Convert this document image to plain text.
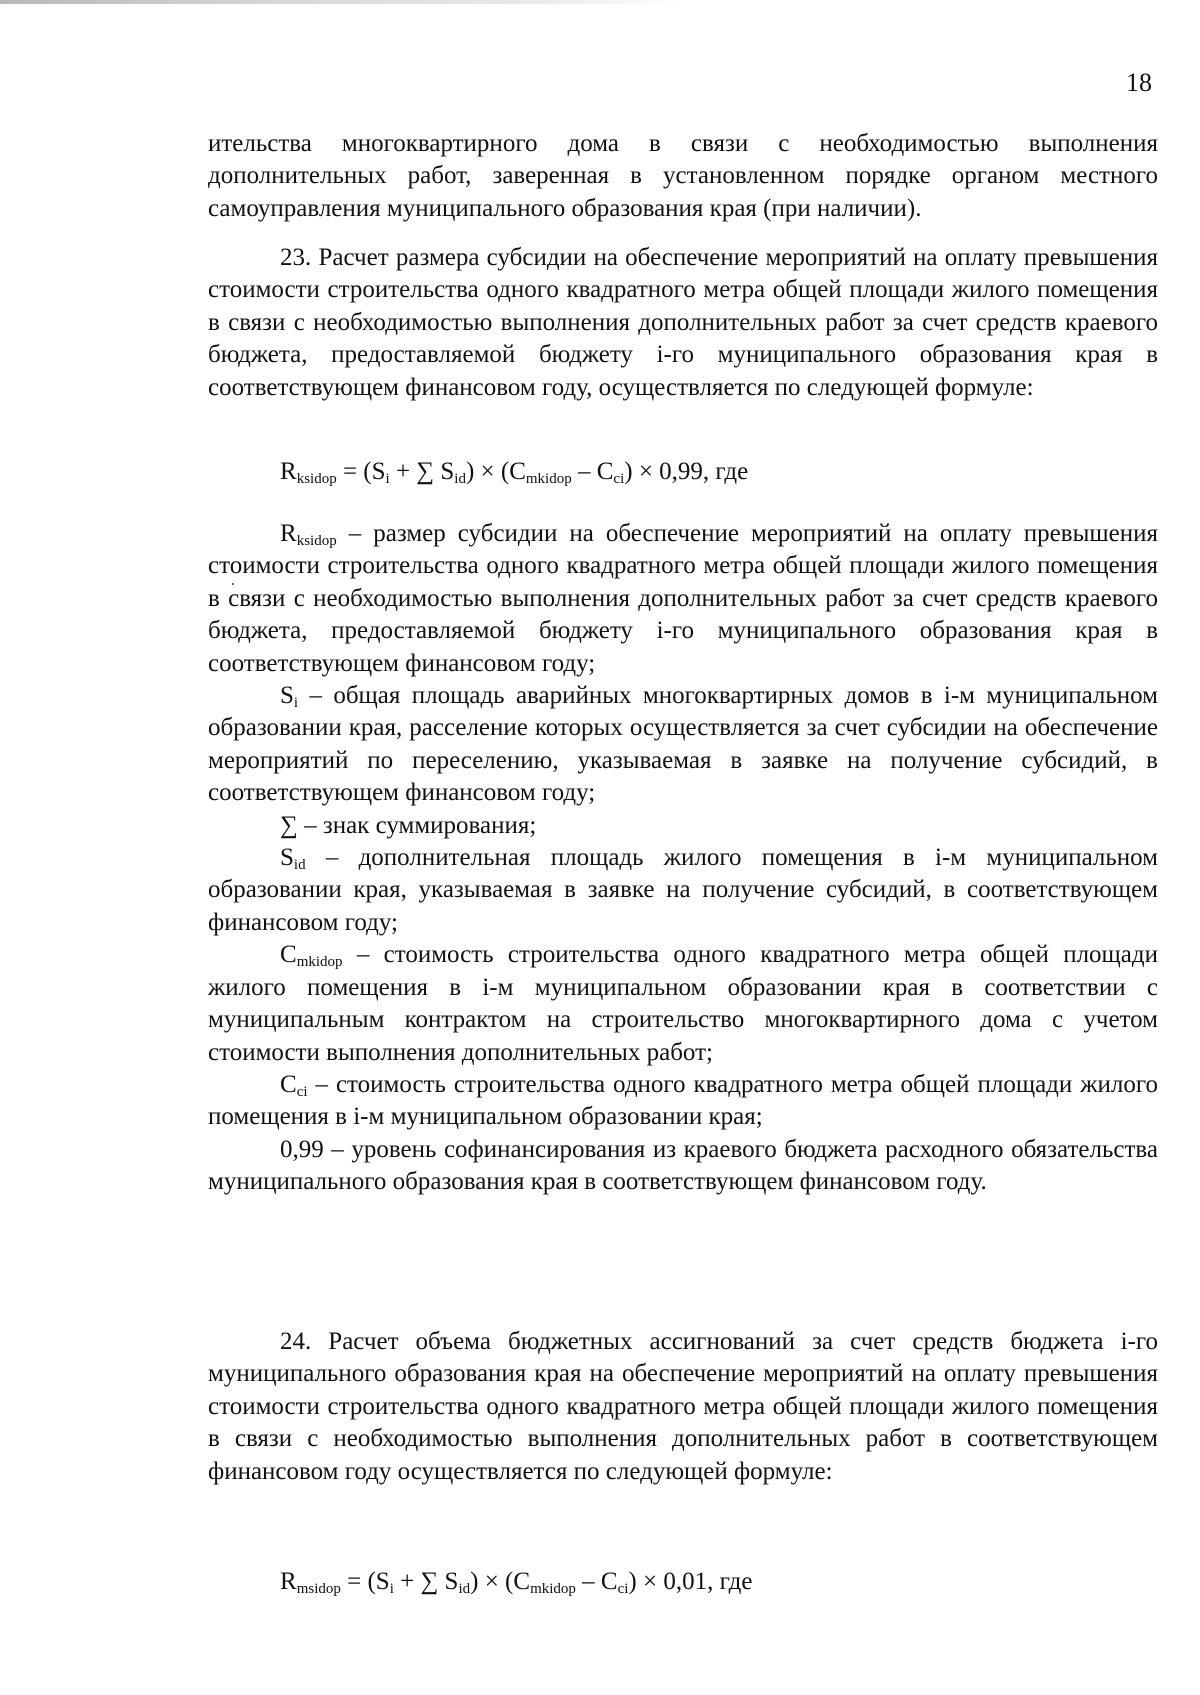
18

ительства многоквартирного дома в связи с необходимостью выполнения дополнительных работ, заверенная в установленном порядке органом местного самоуправления муниципального образования края (при наличии).

23. Расчет размера субсидии на обеспечение мероприятий на оплату превышения стоимости строительства одного квадратного метра общей площади жилого помещения в связи с необходимостью выполнения дополнительных работ за счет средств краевого бюджета, предоставляемой бюджету i-го муниципального образования края в соответствующем финансовом году, осуществляется по следующей формуле:

$R_{ksidop} = (S_i$ + ∑ $S_{id}) \times (C_{mkidop} - C_{ci}) \times 0,99$, где

$R_{ksidop}$ – размер субсидии на обеспечение мероприятий на оплату превышения стоимости строительства одного квадратного метра общей площади жилого помещения в связи с необходимостью выполнения дополнительных работ за счет средств краевого бюджета, предоставляемой бюджету i-го муниципального образования края в соответствующем финансовом году;

$S_i$ – общая площадь аварийных многоквартирных домов в i-м муниципальном образовании края, расселение которых осуществляется за счет субсидии на обеспечение мероприятий по переселению, указываемая в заявке на получение субсидий, в соответствующем финансовом году;

∑ – знак суммирования;

$S_{id}$ – дополнительная площадь жилого помещения в i-м муниципальном образовании края, указываемая в заявке на получение субсидий, в соответствующем финансовом году;

$C_{mkidop}$ – стоимость строительства одного квадратного метра общей площади жилого помещения в i-м муниципальном образовании края в соответствии с муниципальным контрактом на строительство многоквартирного дома с учетом стоимости выполнения дополнительных работ;

$C_{ci}$ – стоимость строительства одного квадратного метра общей площади жилого помещения в i-м муниципальном образовании края;

0,99 – уровень софинансирования из краевого бюджета расходного обязательства муниципального образования края в соответствующем финансовом году.

24. Расчет объема бюджетных ассигнований за счет средств бюджета i-го муниципального образования края на обеспечение мероприятий на оплату превышения стоимости строительства одного квадратного метра общей площади жилого помещения в связи с необходимостью выполнения дополнительных работ в соответствующем финансовом году осуществляется по следующей формуле:

$R_{msidop} = (S_i$ + ∑ $S_{id}) \times (C_{mkidop} - C_{ci}) \times 0,01$, где
